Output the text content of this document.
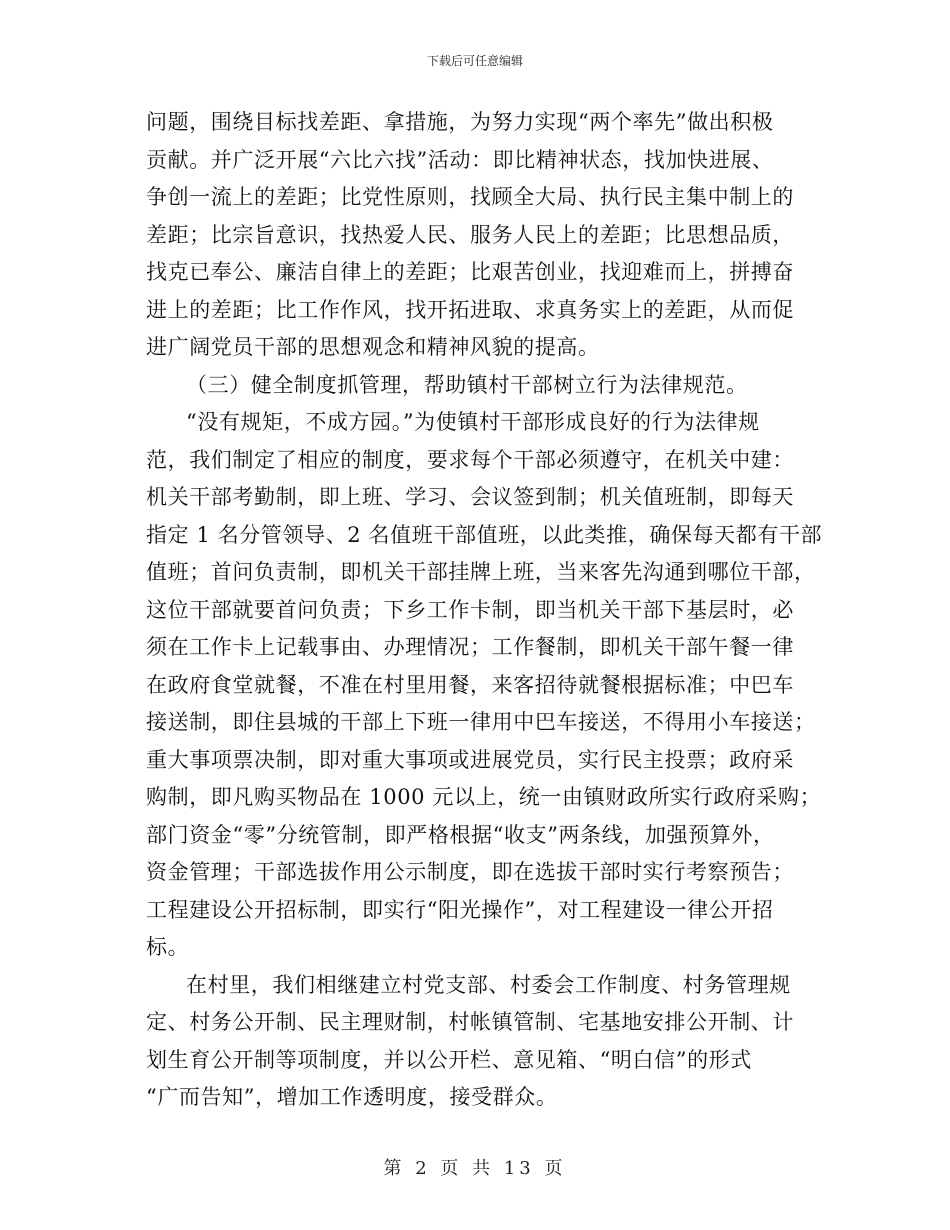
下载后可任意编辑
问题，围绕目标找差距、拿措施，为努力实现“两个率先”做出积极
贡献。并广泛开展“六比六找”活动：即比精神状态，找加快进展、
争创一流上的差距；比党性原则，找顾全大局、执行民主集中制上的
差距；比宗旨意识，找热爱人民、服务人民上的差距；比思想品质，
找克已奉公、廉洁自律上的差距；比艰苦创业，找迎难而上，拼搏奋
进上的差距；比工作作风，找开拓进取、求真务实上的差距，从而促
进广阔党员干部的思想观念和精神风貌的提高。
（三）健全制度抓管理，帮助镇村干部树立行为法律规范。
“没有规矩，不成方园。”为使镇村干部形成良好的行为法律规
范，我们制定了相应的制度，要求每个干部必须遵守，在机关中建：
机关干部考勤制，即上班、学习、会议签到制；机关值班制，即每天
指定 1 名分管领导、2 名值班干部值班，以此类推，确保每天都有干部
值班；首问负责制，即机关干部挂牌上班，当来客先沟通到哪位干部，
这位干部就要首问负责；下乡工作卡制，即当机关干部下基层时，必
须在工作卡上记载事由、办理情况；工作餐制，即机关干部午餐一律
在政府食堂就餐，不准在村里用餐，来客招待就餐根据标准；中巴车
接送制，即住县城的干部上下班一律用中巴车接送，不得用小车接送；
重大事项票决制，即对重大事项或进展党员，实行民主投票；政府采
购制，即凡购买物品在 1000 元以上，统一由镇财政所实行政府采购；
部门资金“零”分统管制，即严格根据“收支”两条线，加强预算外，
资金管理；干部选拔作用公示制度，即在选拔干部时实行考察预告；
工程建设公开招标制，即实行“阳光操作”，对工程建设一律公开招
标。
在村里，我们相继建立村党支部、村委会工作制度、村务管理规
定、村务公开制、民主理财制，村帐镇管制、宅基地安排公开制、计
划生育公开制等项制度，并以公开栏、意见箱、“明白信”的形式
“广而告知”，增加工作透明度，接受群众。
第 2 页 共 13 页
